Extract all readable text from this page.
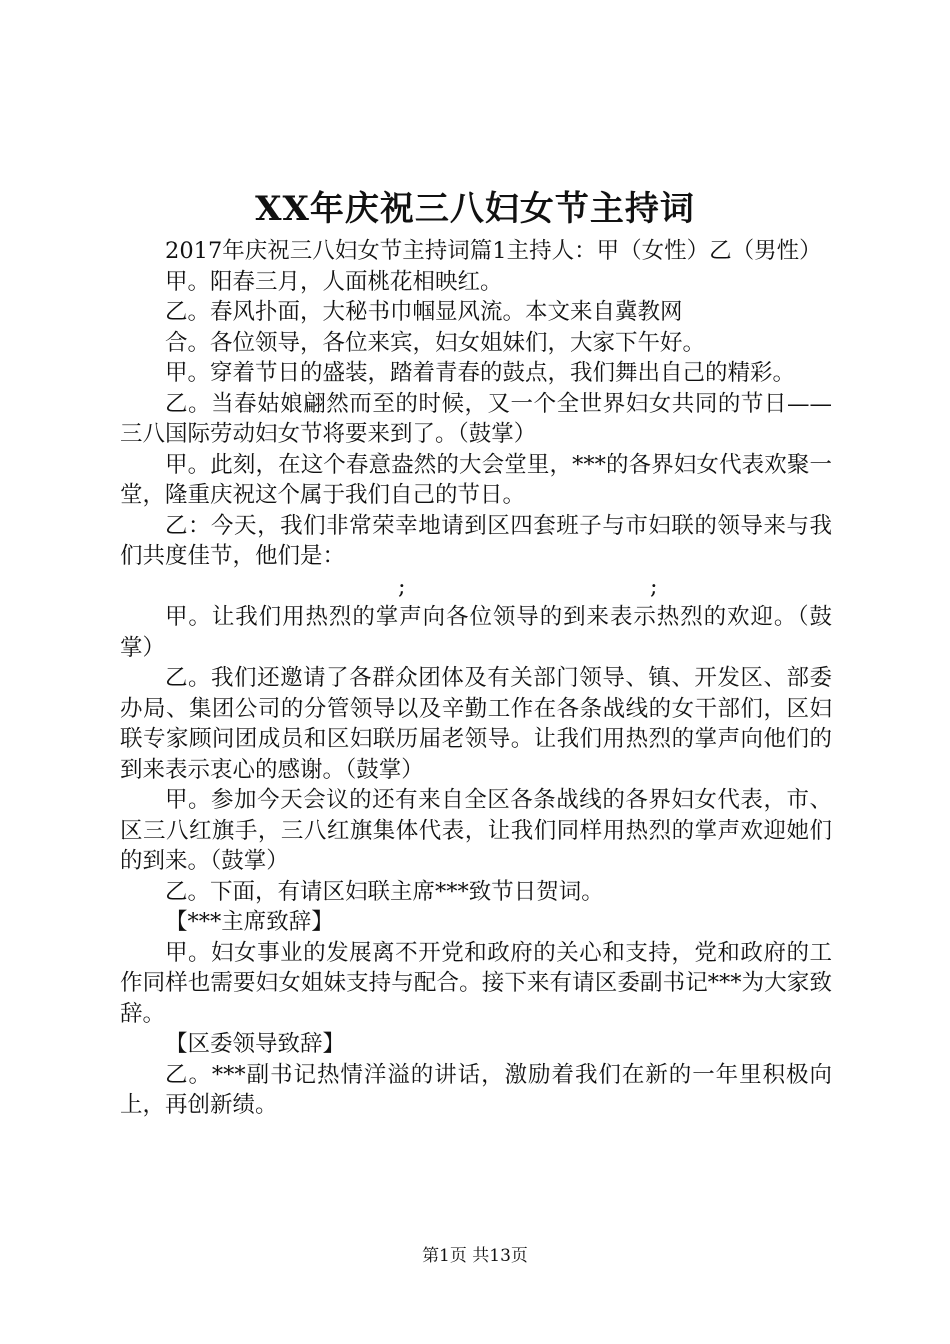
XX年庆祝三八妇女节主持词

2017年庆祝三八妇女节主持词篇1主持人：甲（女性）乙（男性）

甲。阳春三月，人面桃花相映红。

乙。春风扑面，大秘书巾帼显风流。本文来自冀教网

合。各位领导，各位来宾，妇女姐妹们，大家下午好。

甲。穿着节日的盛装，踏着青春的鼓点，我们舞出自己的精彩。

乙。当春姑娘翩然而至的时候，又一个全世界妇女共同的节日——三八国际劳动妇女节将要来到了。（鼓掌）

甲。此刻，在这个春意盎然的大会堂里，***的各界妇女代表欢聚一堂，隆重庆祝这个属于我们自己的节日。

乙：今天，我们非常荣幸地请到区四套班子与市妇联的领导来与我们共度佳节，他们是：

;	;

甲。让我们用热烈的掌声向各位领导的到来表示热烈的欢迎。（鼓掌）

乙。我们还邀请了各群众团体及有关部门领导、镇、开发区、部委办局、集团公司的分管领导以及辛勤工作在各条战线的女干部们，区妇联专家顾问团成员和区妇联历届老领导。让我们用热烈的掌声向他们的到来表示衷心的感谢。（鼓掌）

甲。参加今天会议的还有来自全区各条战线的各界妇女代表，市、区三八红旗手，三八红旗集体代表，让我们同样用热烈的掌声欢迎她们的到来。（鼓掌）

乙。下面，有请区妇联主席***致节日贺词。

【***主席致辞】

甲。妇女事业的发展离不开党和政府的关心和支持，党和政府的工作同样也需要妇女姐妹支持与配合。接下来有请区委副书记***为大家致辞。

【区委领导致辞】

乙。***副书记热情洋溢的讲话，激励着我们在新的一年里积极向上，再创新绩。

第1页 共13页
